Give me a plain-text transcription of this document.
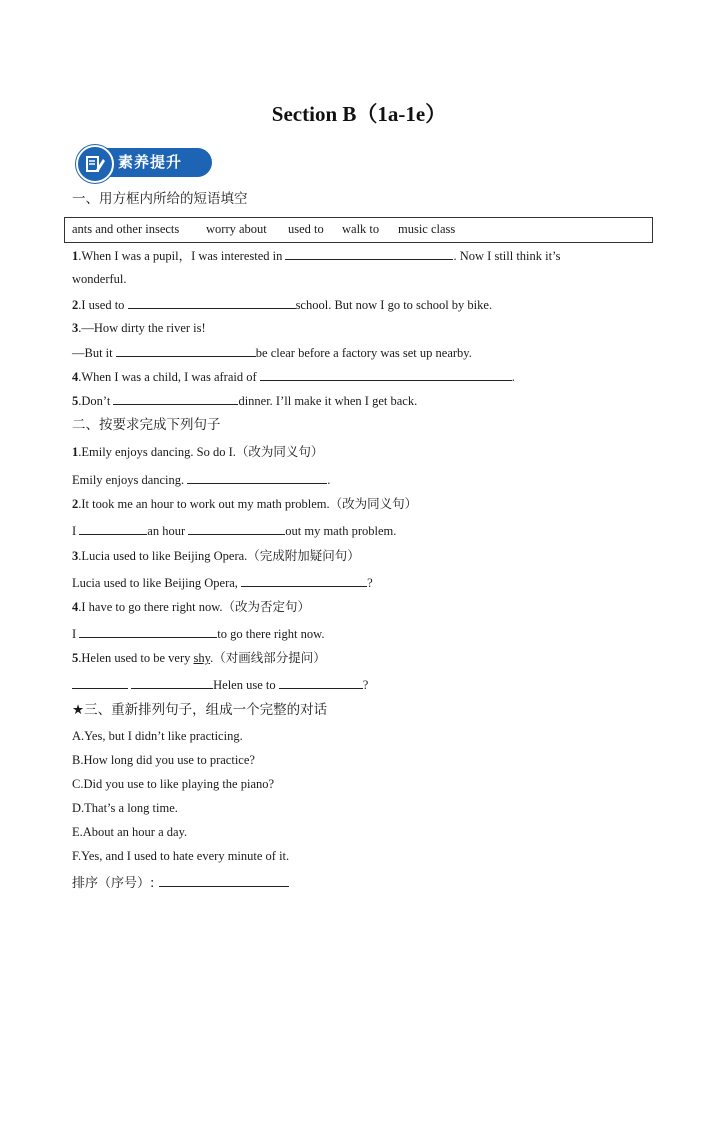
Section B（1a-1e）
素养提升
一、用方框内所给的短语填空
ants and other insects worry about used to walk to music class
1.When I was a pupil，I was interested in	. Now I still think it’s
wonderful.
2.I used to	school. But now I go to school by bike.
3.—How dirty the river is!
—But it	be clear before a factory was set up nearby.
4.When I was a child, I was afraid of	.
5.Don’t	dinner. I’ll make it when I get back.
二、按要求完成下列句子
1.Emily enjoys dancing. So do I.（改为同义句）
Emily enjoys dancing.	.
2.It took me an hour to work out my math problem.（改为同义句）
I	an hour	out my math problem.
3.Lucia used to like Beijing Opera.（完成附加疑问句）
Lucia used to like Beijing Opera,	?
4.I have to go there right now.（改为否定句）
I	to go there right now.
5.Helen used to be very shy.（对画线部分提问）
Helen use to	?
★三、重新排列句子，组成一个完整的对话
A.Yes, but I didn’t like practicing.
B.How long did you use to practice?
C.Did you use to like playing the piano?
D.That’s a long time.
E.About an hour a day.
F.Yes, and I used to hate every minute of it.
排序（序号）:
